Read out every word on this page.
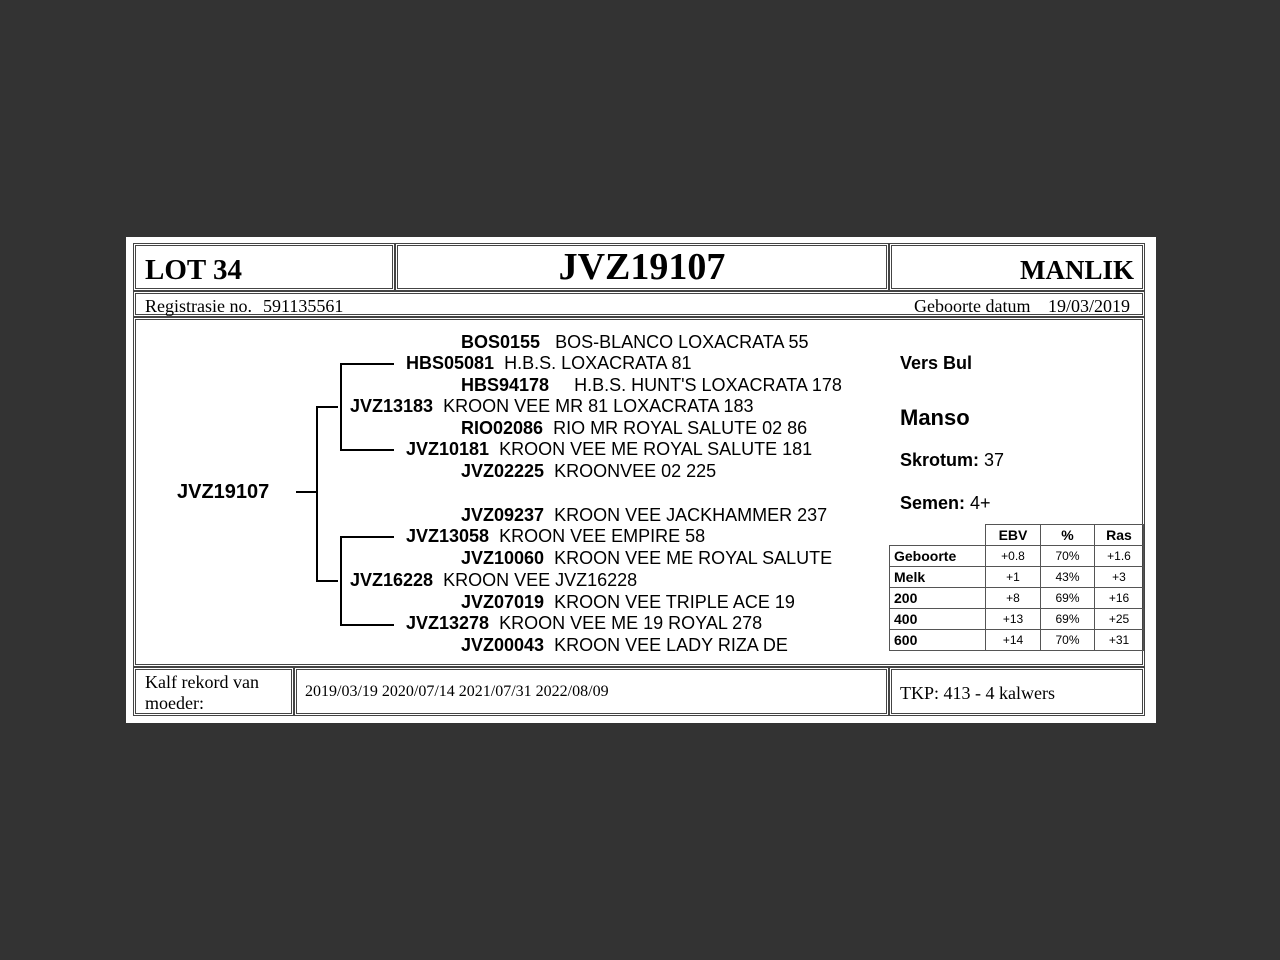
LOT 34	JVZ19107	MANLIK
Registrasie no. 591135561	Geboorte datum 19/03/2019
JVZ19107
BOS0155 BOS-BLANCO LOXACRATA 55
HBS05081 H.B.S. LOXACRATA 81
HBS94178 H.B.S. HUNT'S LOXACRATA 178
JVZ13183 KROON VEE MR 81 LOXACRATA 183
RIO02086 RIO MR ROYAL SALUTE 02 86
JVZ10181 KROON VEE ME ROYAL SALUTE 181
JVZ02225 KROONVEE 02 225
JVZ09237 KROON VEE JACKHAMMER 237
JVZ13058 KROON VEE EMPIRE 58
JVZ10060 KROON VEE ME ROYAL SALUTE
JVZ16228 KROON VEE JVZ16228
JVZ07019 KROON VEE TRIPLE ACE 19
JVZ13278 KROON VEE ME 19 ROYAL 278
JVZ00043 KROON VEE LADY RIZA DE
Vers Bul
Manso
Skrotum: 37
Semen: 4+
	EBV	%	Ras
Geboorte	+0.8	70%	+1.6
Melk	+1	43%	+3
200	+8	69%	+16
400	+13	69%	+25
600	+14	70%	+31
Kalf rekord van moeder:
2019/03/19 2020/07/14 2021/07/31 2022/08/09	TKP: 413 - 4 kalwers
